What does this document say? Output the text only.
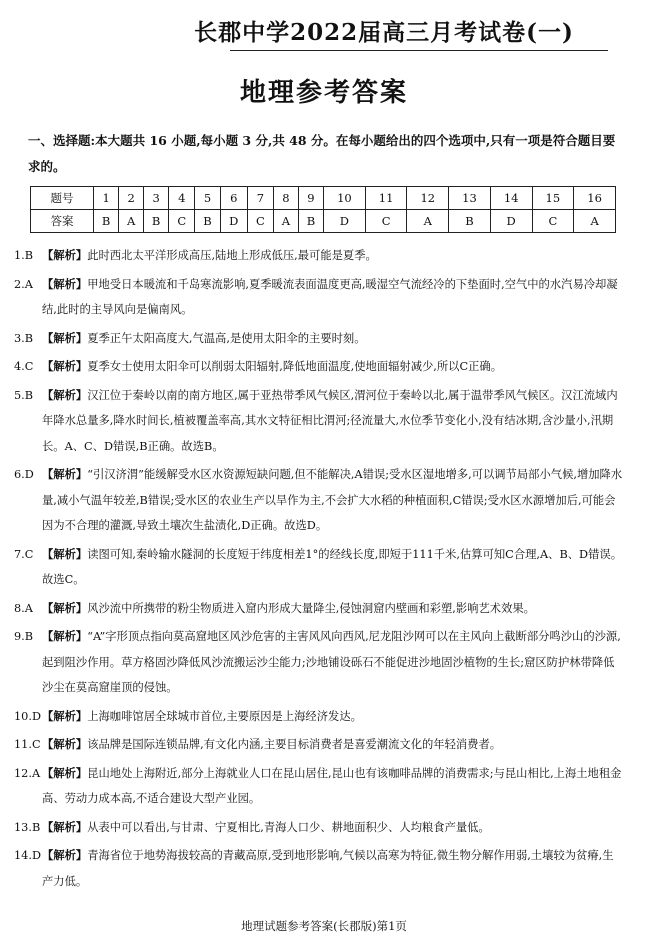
长郡中学2022届高三月考试卷(一)
地理参考答案
一、选择题:本大题共 16 小题,每小题 3 分,共 48 分。在每小题给出的四个选项中,只有一项是符合题目要求的。
题号	1	2	3	4	5	6	7	8	9	10	11	12	13	14	15	16
答案	B	A	B	C	B	D	C	A	B	D	C	A	B	D	C	A
1.B 【解析】此时西北太平洋形成高压,陆地上形成低压,最可能是夏季。
2.A 【解析】甲地受日本暖流和千岛寒流影响,夏季暖流表面温度更高,暖湿空气流经冷的下垫面时,空气中的水汽易冷却凝结,此时的主导风向是偏南风。
3.B 【解析】夏季正午太阳高度大,气温高,是使用太阳伞的主要时刻。
4.C 【解析】夏季女士使用太阳伞可以削弱太阳辐射,降低地面温度,使地面辐射减少,所以C正确。
5.B 【解析】汉江位于秦岭以南的南方地区,属于亚热带季风气候区,渭河位于秦岭以北,属于温带季风气候区。汉江流域内年降水总量多,降水时间长,植被覆盖率高,其水文特征相比渭河;径流量大,水位季节变化小,没有结冰期,含沙量小,汛期长。A、C、D错误,B正确。故选B。
6.D 【解析】“引汉济渭”能缓解受水区水资源短缺问题,但不能解决,A错误;受水区湿地增多,可以调节局部小气候,增加降水量,减小气温年较差,B错误;受水区的农业生产以旱作为主,不会扩大水稻的种植面积,C错误;受水区水源增加后,可能会因为不合理的灌溉,导致土壤次生盐渍化,D正确。故选D。
7.C 【解析】读图可知,秦岭输水隧洞的长度短于纬度相差1°的经线长度,即短于111千米,估算可知C合理,A、B、D错误。故选C。
8.A 【解析】风沙流中所携带的粉尘物质进入窟内形成大量降尘,侵蚀洞窟内壁画和彩塑,影响艺术效果。
9.B 【解析】“A”字形顶点指向莫高窟地区风沙危害的主害风风向西风,尼龙阻沙网可以在主风向上截断部分鸣沙山的沙源,起到阻沙作用。草方格固沙降低风沙流搬运沙尘能力;沙地铺设砾石不能促进沙地固沙植物的生长;窟区防护林带降低沙尘在莫高窟崖顶的侵蚀。
10.D【解析】上海咖啡馆居全球城市首位,主要原因是上海经济发达。
11.C【解析】该品牌是国际连锁品牌,有文化内涵,主要目标消费者是喜爱潮流文化的年轻消费者。
12.A 【解析】昆山地处上海附近,部分上海就业人口在昆山居住,昆山也有该咖啡品牌的消费需求;与昆山相比,上海土地租金高、劳动力成本高,不适合建设大型产业园。
13.B 【解析】从表中可以看出,与甘肃、宁夏相比,青海人口少、耕地面积少、人均粮食产量低。
14.D【解析】青海省位于地势海拔较高的青藏高原,受到地形影响,气候以高寒为特征,微生物分解作用弱,土壤较为贫瘠,生产力低。
地理试题参考答案(长郡版)第1页
